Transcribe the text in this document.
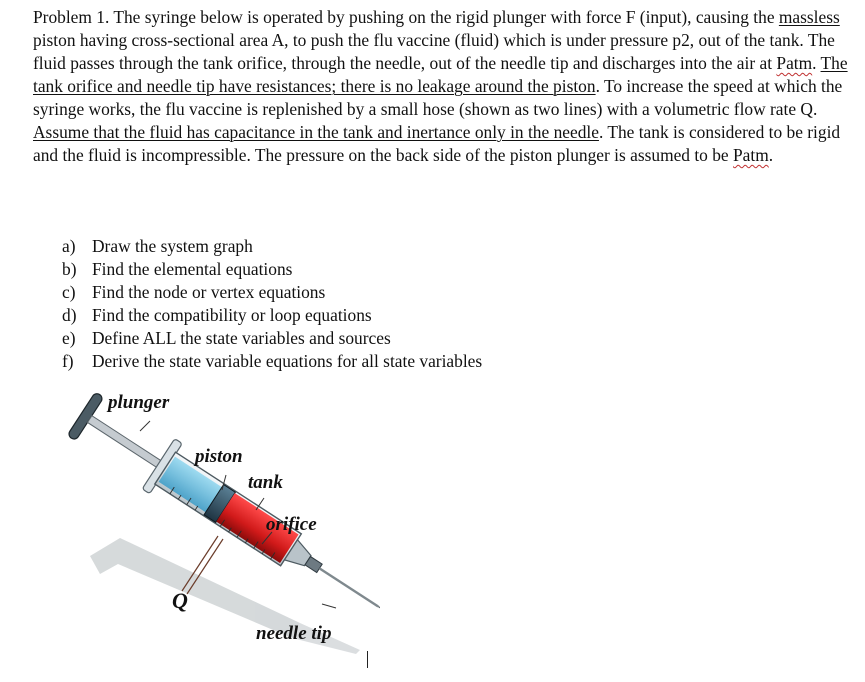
Problem 1. The syringe below is operated by pushing on the rigid plunger with force F (input), causing the massless piston having cross-sectional area A, to push the flu vaccine (fluid) which is under pressure p2, out of the tank. The fluid passes through the tank orifice, through the needle, out of the needle tip and discharges into the air at Patm. The tank orifice and needle tip have resistances; there is no leakage around the piston. To increase the speed at which the syringe works, the flu vaccine is replenished by a small hose (shown as two lines) with a volumetric flow rate Q. Assume that the fluid has capacitance in the tank and inertance only in the needle. The tank is considered to be rigid and the fluid is incompressible. The pressure on the back side of the piston plunger is assumed to be Patm.

a) Draw the system graph
b) Find the elemental equations
c) Find the node or vertex equations
d) Find the compatibility or loop equations
e) Define ALL the state variables and sources
f)	Derive the state variable equations for all state variables
plunger
piston
tank
orifice
Q
needle tip
